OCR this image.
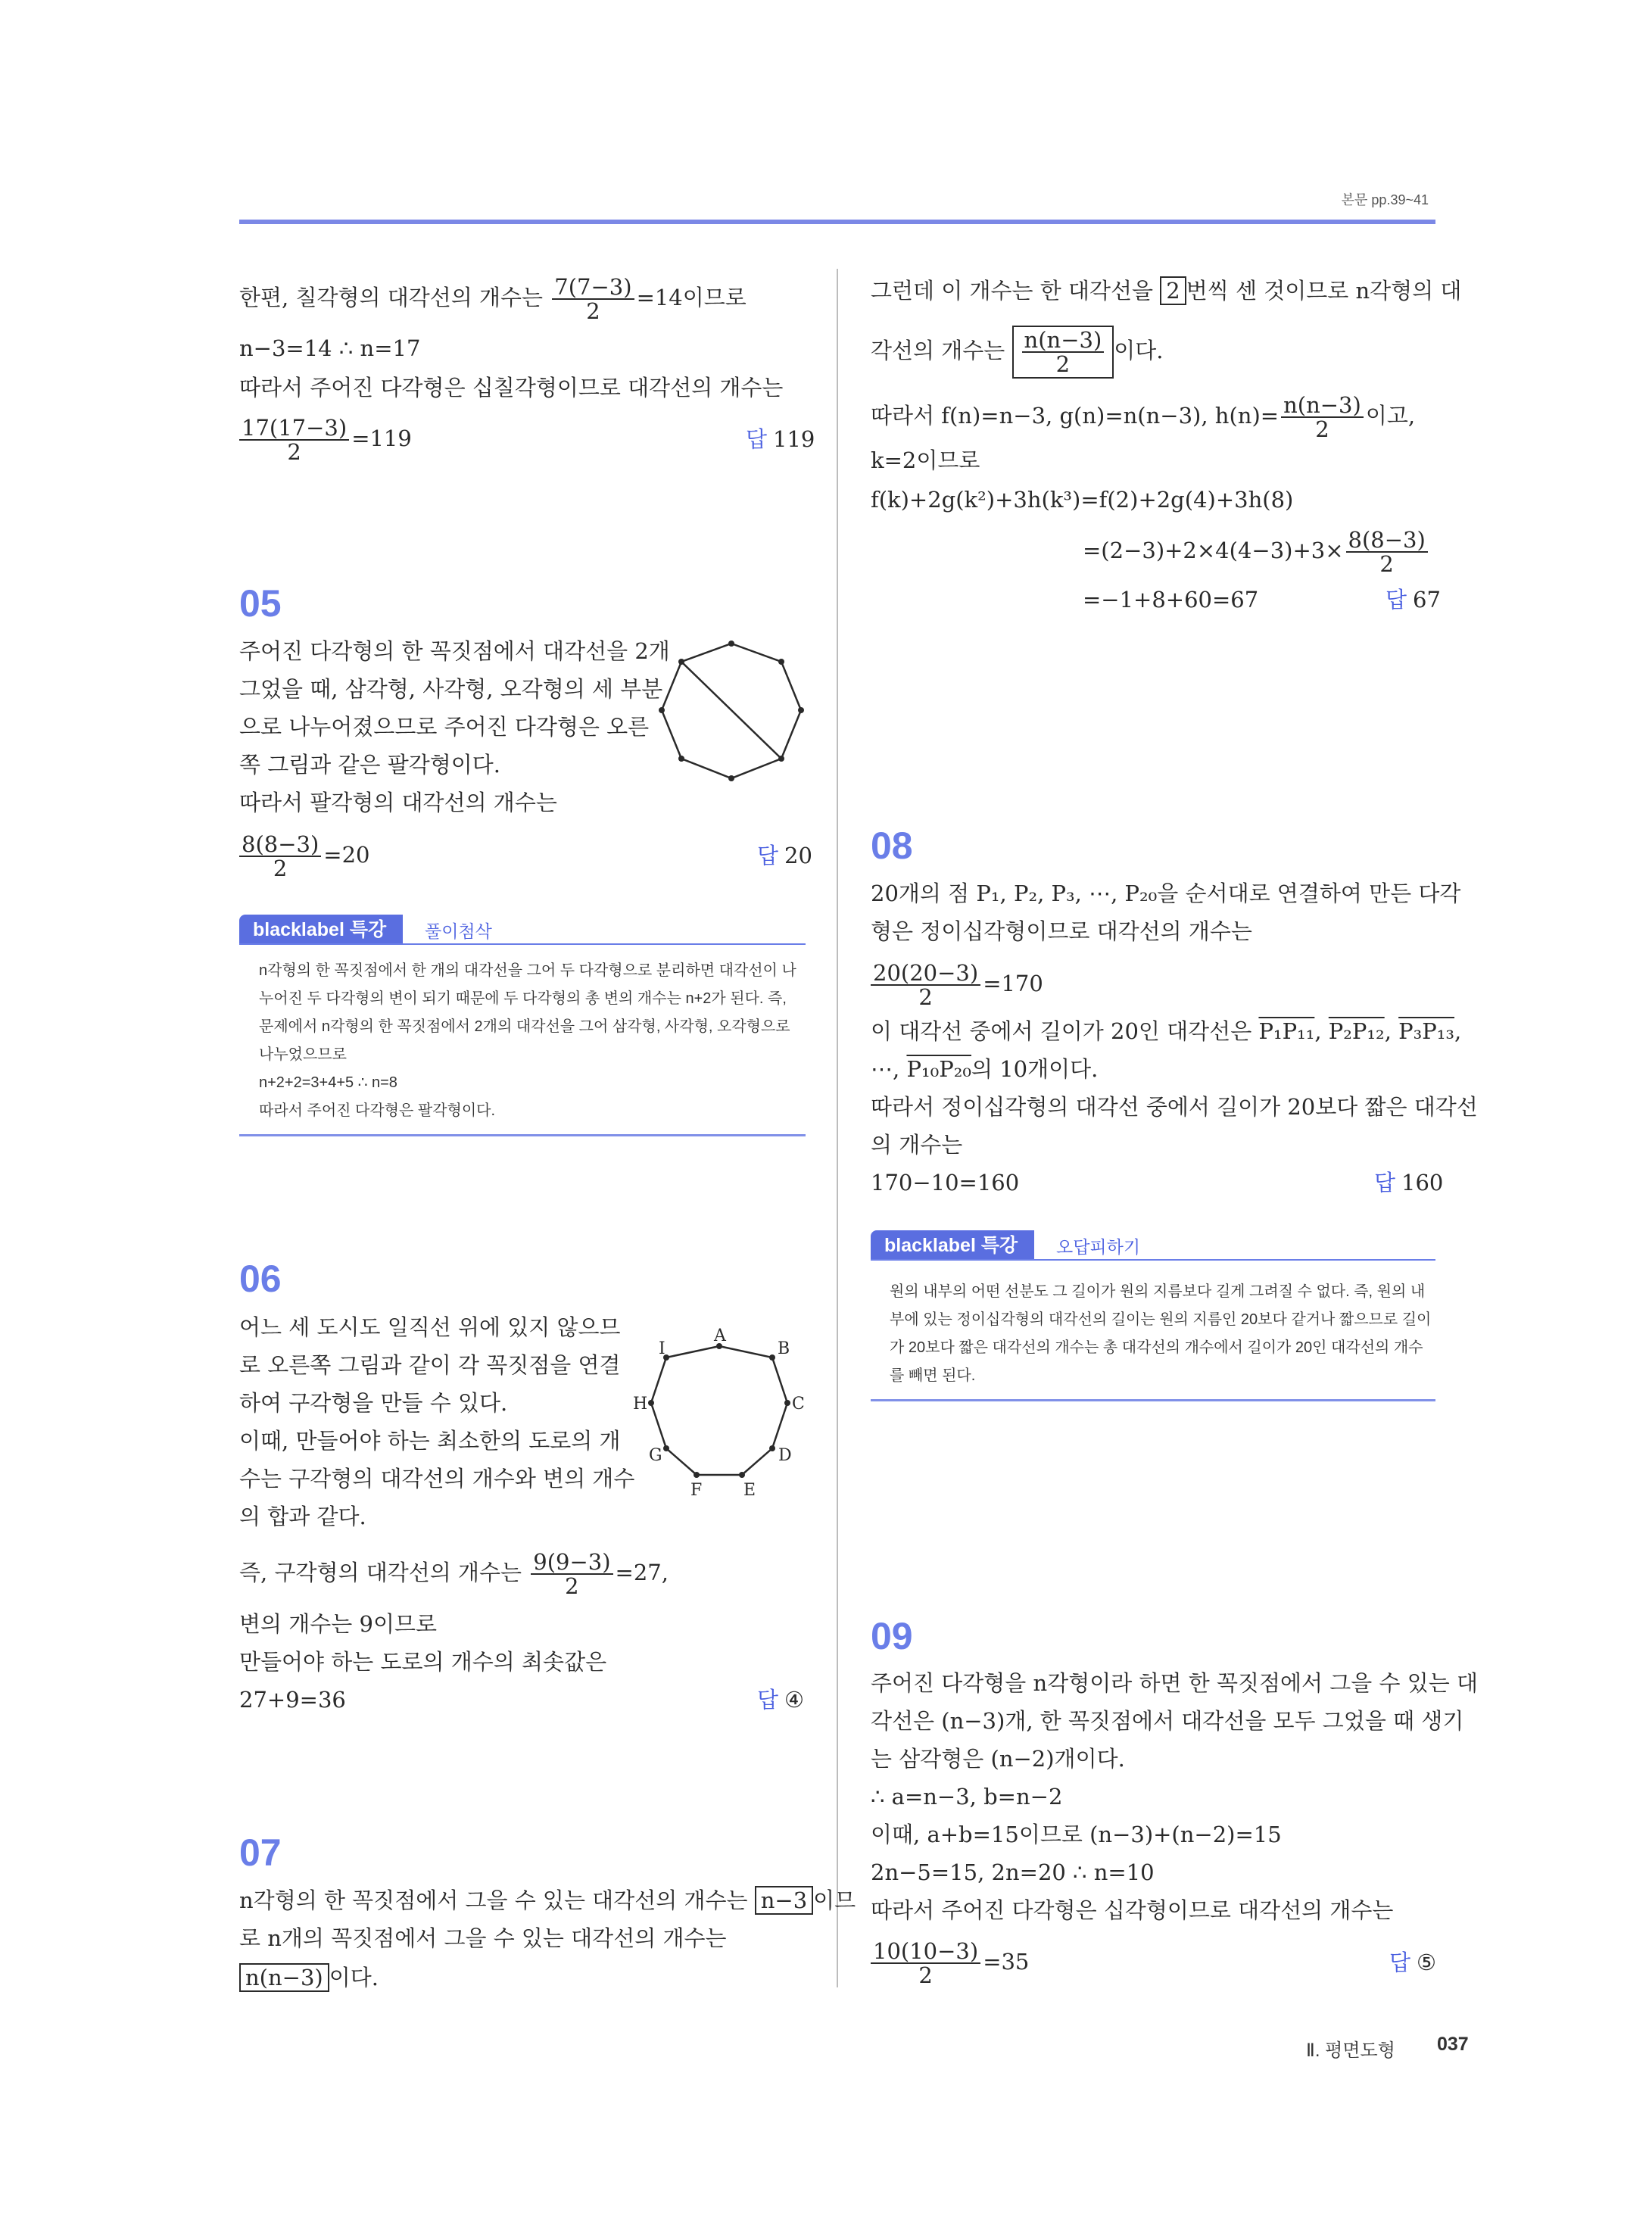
본문 pp.39~41
한편, 칠각형의 대각선의 개수는 $\frac{7(7-3)}{2} =14$이므로
n−3=14 ∴ n=17
따라서 주어진 다각형은 십칠각형이므로 대각선의 개수는
$\frac{17(17-3)}{2} =119$	답 119
05
주어진 다각형의 한 꼭짓점에서 대각선을 2개
그었을 때, 삼각형, 사각형, 오각형의 세 부분
으로 나누어졌으므로 주어진 다각형은 오른
쪽 그림과 같은 팔각형이다.
따라서 팔각형의 대각선의 개수는
$\frac{8(8-3)}{2} =20$	답 20
blacklabel 특강	풀이첨삭
n각형의 한 꼭짓점에서 한 개의 대각선을 그어 두 다각형으로 분리하면 대각선이 나
누어진 두 다각형의 변이 되기 때문에 두 다각형의 총 변의 개수는 n+2가 된다. 즉,
문제에서 n각형의 한 꼭짓점에서 2개의 대각선을 그어 삼각형, 사각형, 오각형으로
나누었으므로
n+2+2=3+4+5 ∴ n=8
따라서 주어진 다각형은 팔각형이다.
06
어느 세 도시도 일직선 위에 있지 않으므
로 오른쪽 그림과 같이 각 꼭짓점을 연결
하여 구각형을 만들 수 있다.
이때, 만들어야 하는 최소한의 도로의 개
수는 구각형의 대각선의 개수와 변의 개수
의 합과 같다.
즉, 구각형의 대각선의 개수는 $\frac{9(9-3)}{2} =27$,
변의 개수는 9이므로
만들어야 하는 도로의 개수의 최솟값은
27+9=36	답 ④
A
B
C
D
E
F
G
H
I
07
n각형의 한 꼭짓점에서 그을 수 있는 대각선의 개수는 n−3 이므
로 n개의 꼭짓점에서 그을 수 있는 대각선의 개수는
n(n−3) 이다.
그런데 이 개수는 한 대각선을 2 번씩 센 것이므로 n각형의 대
각선의 개수는 $\frac{n(n-3)}{2}$ 이다.
따라서 f(n)=n−3, g(n)=n(n−3), $h(n)= \frac{n(n-3)}{2}$ 이고,
k=2이므로
f(k)+2g(k²)+3h(k³)=f(2)+2g(4)+3h(8)
$=(2-3)+2\times 4(4-3)+3\times \frac{8(8-3)}{2}$
=−1+8+60=67	답 67
08
20개의 점 P₁, P₂, P₃, ⋯, P₂₀을 순서대로 연결하여 만든 다각
형은 정이십각형이므로 대각선의 개수는
$\frac{20(20-3)}{2} =170$
이 대각선 중에서 길이가 20인 대각선은 P₁P₁₁, P₂P₁₂, P₃P₁₃,
⋯, P₁₀P₂₀의 10개이다.
따라서 정이십각형의 대각선 중에서 길이가 20보다 짧은 대각선
의 개수는
170−10=160	답 160
blacklabel 특강	오답피하기
원의 내부의 어떤 선분도 그 길이가 원의 지름보다 길게 그려질 수 없다. 즉, 원의 내
부에 있는 정이십각형의 대각선의 길이는 원의 지름인 20보다 같거나 짧으므로 길이
가 20보다 짧은 대각선의 개수는 총 대각선의 개수에서 길이가 20인 대각선의 개수
를 빼면 된다.
09
주어진 다각형을 n각형이라 하면 한 꼭짓점에서 그을 수 있는 대
각선은 (n−3)개, 한 꼭짓점에서 대각선을 모두 그었을 때 생기
는 삼각형은 (n−2)개이다.
∴ a=n−3, b=n−2
이때, a+b=15이므로 (n−3)+(n−2)=15
2n−5=15, 2n=20 ∴ n=10
따라서 주어진 다각형은 십각형이므로 대각선의 개수는
$\frac{10(10-3)}{2} =35$	답 ⑤
Ⅱ. 평면도형 037
